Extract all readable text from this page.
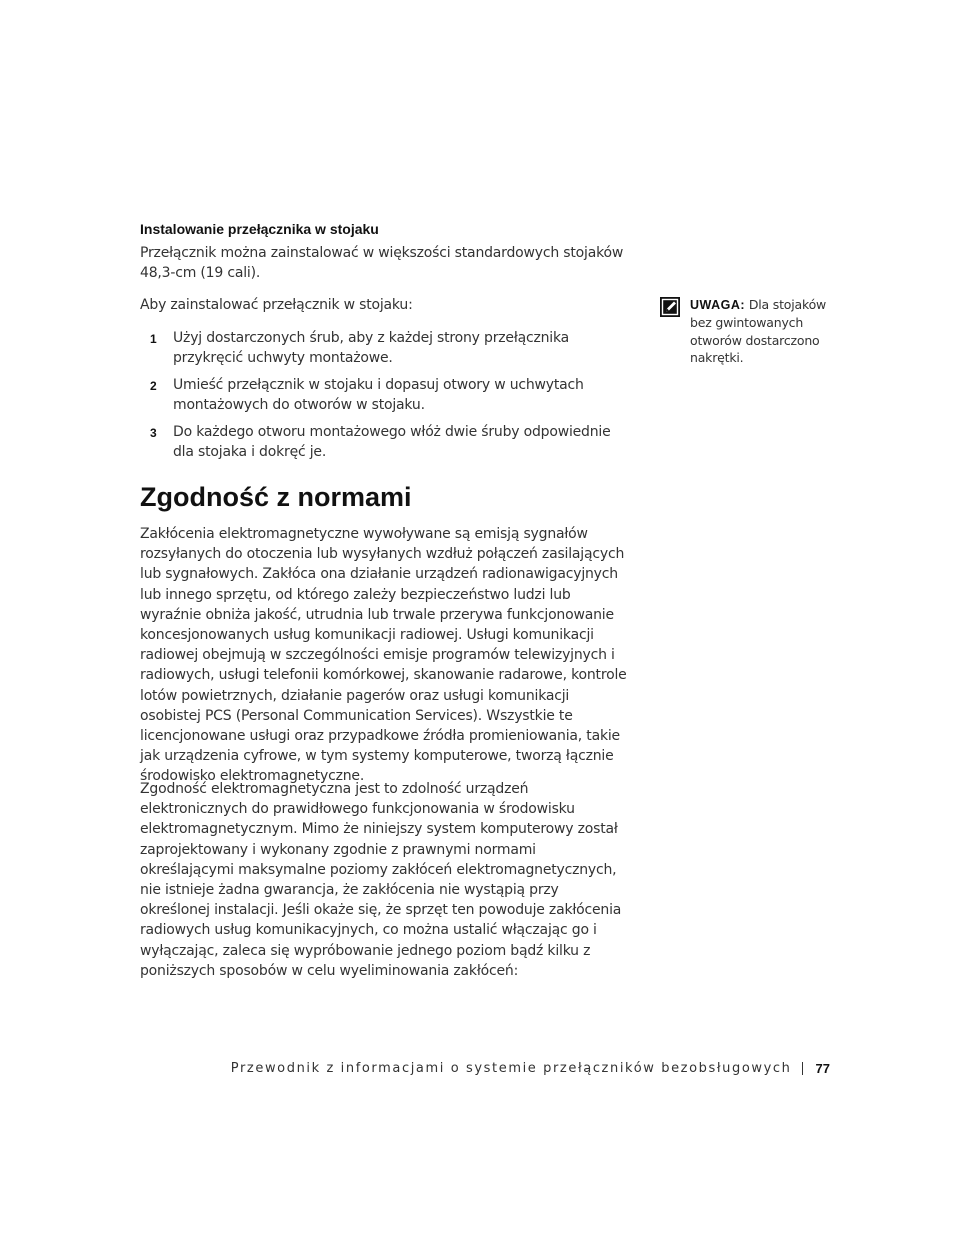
Instalowanie przełącznika w stojaku

Przełącznik można zainstalować w większości standardowych stojaków 48,3-cm (19 cali).

Aby zainstalować przełącznik w stojaku:

1 Użyj dostarczonych śrub, aby z każdej strony przełącznika przykręcić uchwyty montażowe.
2 Umieść przełącznik w stojaku i dopasuj otwory w uchwytach montażowych do otworów w stojaku.
3 Do każdego otworu montażowego włóż dwie śruby odpowiednie dla stojaka i dokręć je.
UWAGA: Dla stojaków bez gwintowanych otworów dostarczono nakrętki.
Zgodność z normami

Zakłócenia elektromagnetyczne wywoływane są emisją sygnałów rozsyłanych do otoczenia lub wysyłanych wzdłuż połączeń zasilających lub sygnałowych. Zakłóca ona działanie urządzeń radionawigacyjnych lub innego sprzętu, od którego zależy bezpieczeństwo ludzi lub wyraźnie obniża jakość, utrudnia lub trwale przerywa funkcjonowanie koncesjonowanych usług komunikacji radiowej. Usługi komunikacji radiowej obejmują w szczególności emisje programów telewizyjnych i radiowych, usługi telefonii komórkowej, skanowanie radarowe, kontrole lotów powietrznych, działanie pagerów oraz usługi komunikacji osobistej PCS (Personal Communication Services). Wszystkie te licencjonowane usługi oraz przypadkowe źródła promieniowania, takie jak urządzenia cyfrowe, w tym systemy komputerowe, tworzą łącznie środowisko elektromagnetyczne.

Zgodność elektromagnetyczna jest to zdolność urządzeń elektronicznych do prawidłowego funkcjonowania w środowisku elektromagnetycznym. Mimo że niniejszy system komputerowy został zaprojektowany i wykonany zgodnie z prawnymi normami określającymi maksymalne poziomy zakłóceń elektromagnetycznych, nie istnieje żadna gwarancja, że zakłócenia nie wystąpią przy określonej instalacji. Jeśli okaże się, że sprzęt ten powoduje zakłócenia radiowych usług komunikacyjnych, co można ustalić włączając go i wyłączając, zaleca się wypróbowanie jednego poziom bądź kilku z poniższych sposobów w celu wyeliminowania zakłóceń:

Przewodnik z informacjami o systemie przełączników bezobsługowych 77
